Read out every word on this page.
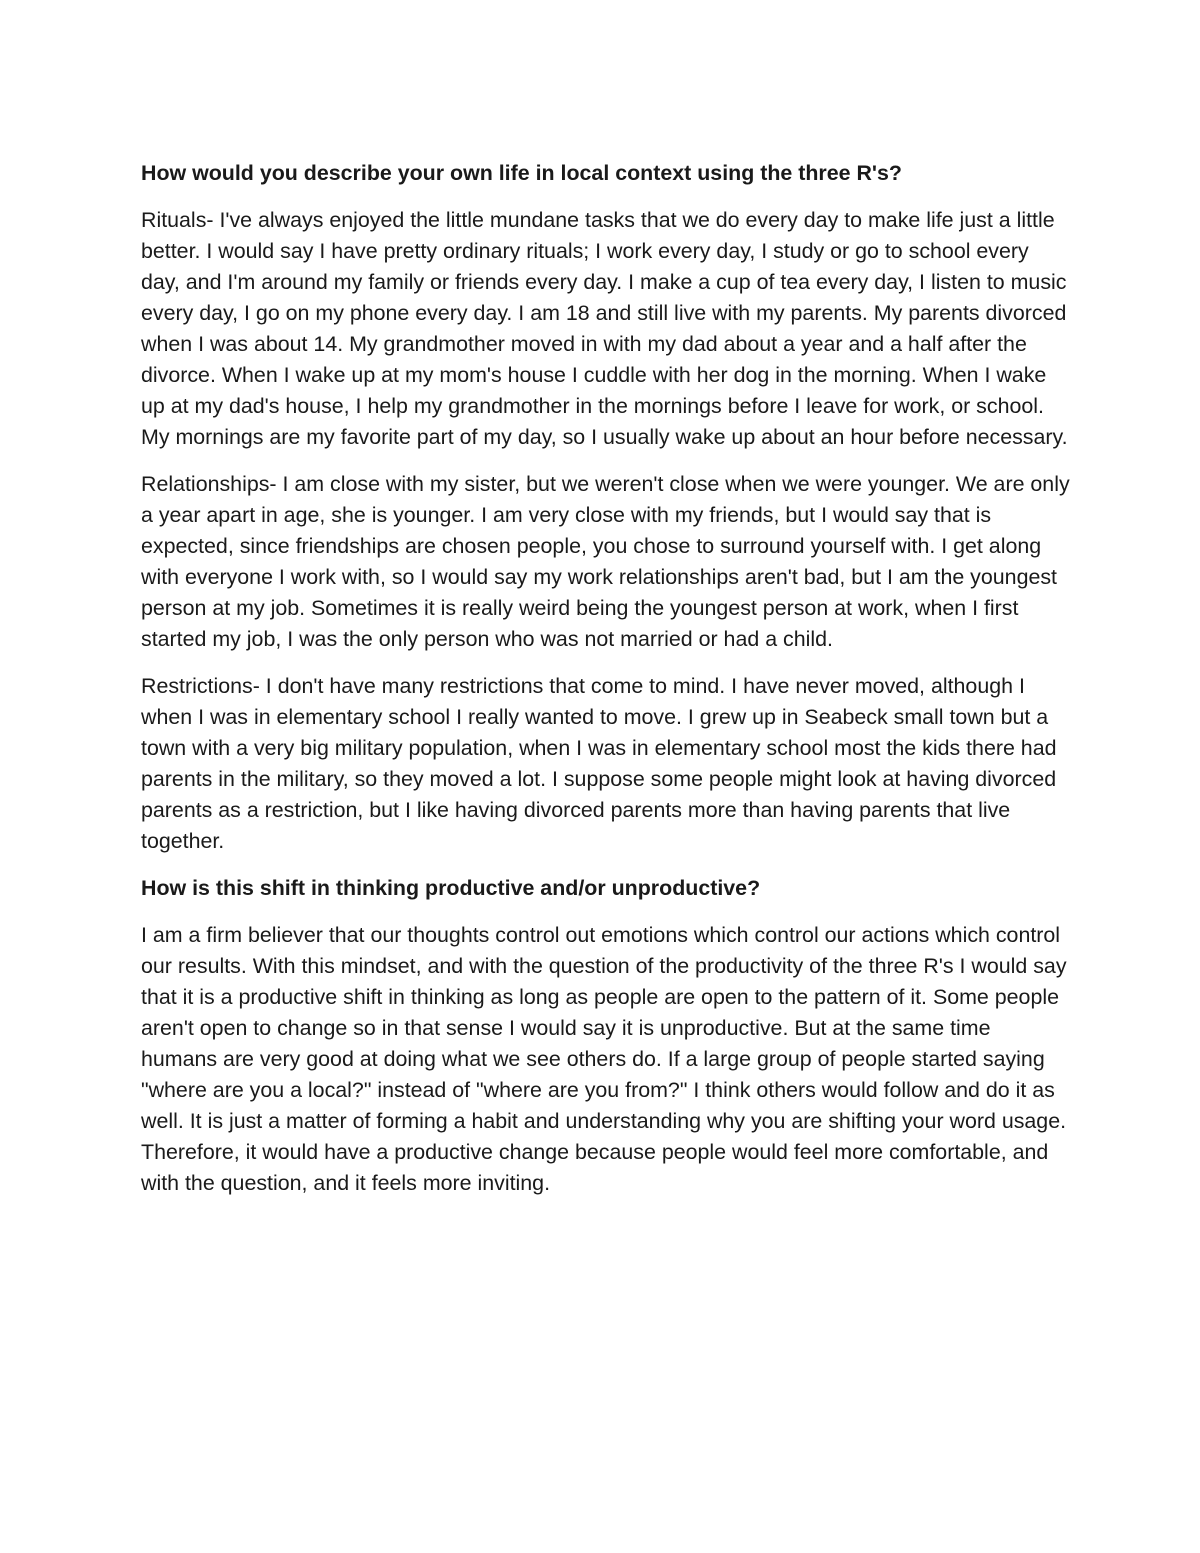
How would you describe your own life in local context using the three R's?
Rituals- I've always enjoyed the little mundane tasks that we do every day to make life just a little better. I would say I have pretty ordinary rituals; I work every day, I study or go to school every day, and I'm around my family or friends every day. I make a cup of tea every day, I listen to music every day, I go on my phone every day. I am 18 and still live with my parents. My parents divorced when I was about 14. My grandmother moved in with my dad about a year and a half after the divorce. When I wake up at my mom's house I cuddle with her dog in the morning. When I wake up at my dad's house, I help my grandmother in the mornings before I leave for work, or school. My mornings are my favorite part of my day, so I usually wake up about an hour before necessary.
Relationships- I am close with my sister, but we weren't close when we were younger. We are only a year apart in age, she is younger. I am very close with my friends, but I would say that is expected, since friendships are chosen people, you chose to surround yourself with. I get along with everyone I work with, so I would say my work relationships aren't bad, but I am the youngest person at my job. Sometimes it is really weird being the youngest person at work, when I first started my job, I was the only person who was not married or had a child.
Restrictions- I don't have many restrictions that come to mind. I have never moved, although I when I was in elementary school I really wanted to move. I grew up in Seabeck small town but a town with a very big military population, when I was in elementary school most the kids there had parents in the military, so they moved a lot. I suppose some people might look at having divorced parents as a restriction, but I like having divorced parents more than having parents that live together.
How is this shift in thinking productive and/or unproductive?
I am a firm believer that our thoughts control out emotions which control our actions which control our results. With this mindset, and with the question of the productivity of the three R's I would say that it is a productive shift in thinking as long as people are open to the pattern of it. Some people aren't open to change so in that sense I would say it is unproductive. But at the same time humans are very good at doing what we see others do. If a large group of people started saying "where are you a local?" instead of "where are you from?" I think others would follow and do it as well. It is just a matter of forming a habit and understanding why you are shifting your word usage. Therefore, it would have a productive change because people would feel more comfortable, and with the question, and it feels more inviting.
